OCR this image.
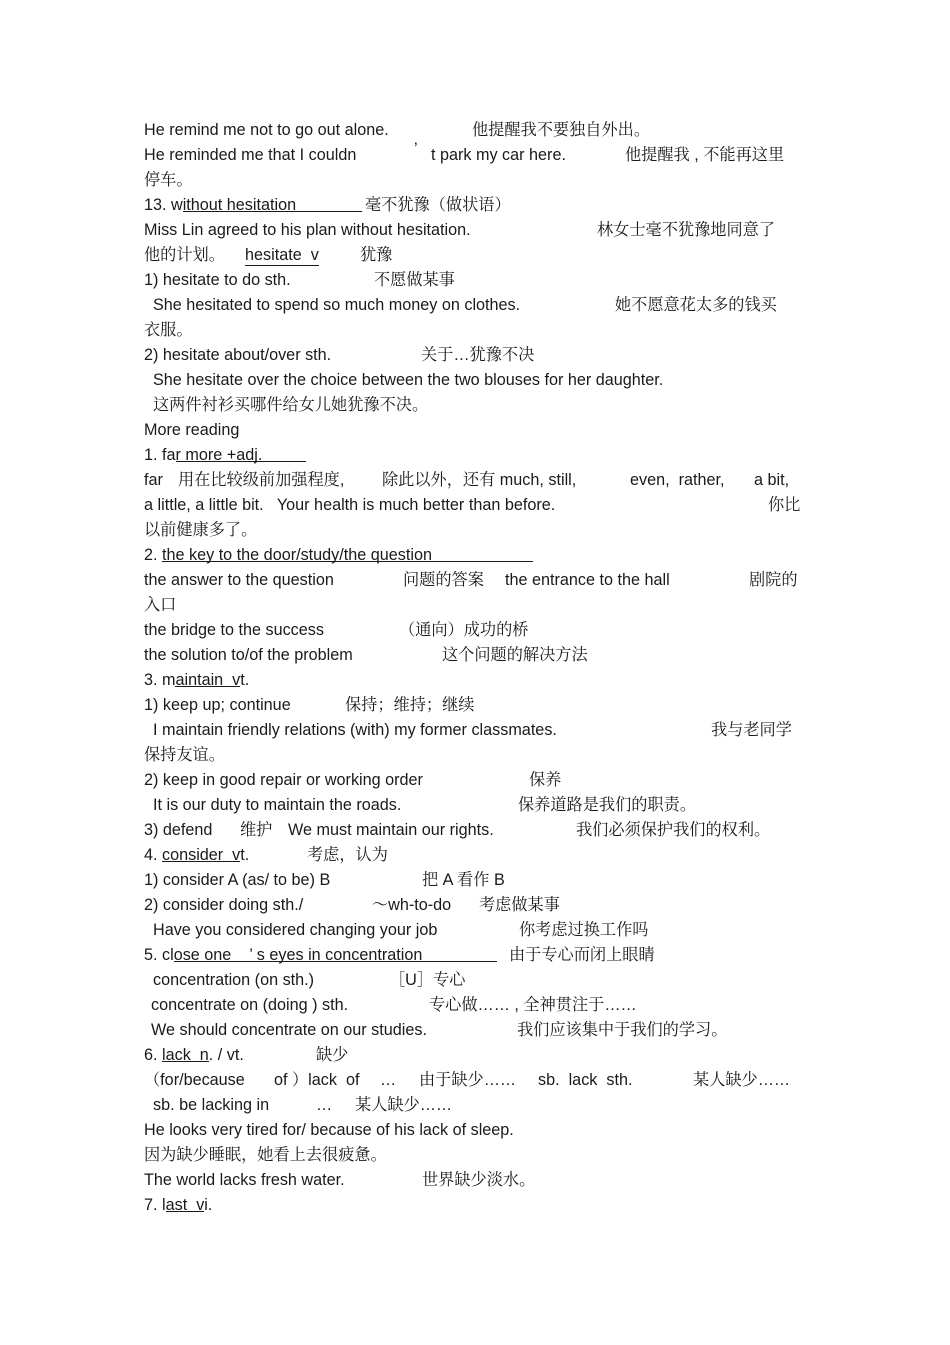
He remind me not to go out alone.	他提醒我不要独自外出。
He reminded me that I couldn	’ t park my car here.	他提醒我 , 不能再这里
停车。
13. without hesitation	毫不犹豫（做状语）
Miss Lin agreed to his plan without hesitation.	林女士毫不犹豫地同意了
他的计划。 hesitate  v	犹豫
1) hesitate to do sth.	不愿做某事
She hesitated to spend so much money on clothes.	她不愿意花太多的钱买
衣服。
2) hesitate about/over sth.	关于…犹豫不决
She hesitate over the choice between the two blouses for her daughter.
这两件衬衫买哪件给女儿她犹豫不决。
More reading
1. far more +adj.
far 用在比较级前加强程度, 除此以外，还有 much, still,	even,  rather, a bit,
a little, a little bit.   Your health is much better than before.	你比
以前健康多了。
2. the key to the door/study/the question
the answer to the question	问题的答案 the entrance to the hall	剧院的
入口
the bridge to the success	（通向）成功的桥
the solution to/of the problem	这个问题的解决方法
3. maintain  vt.
1) keep up; continue	保持；维持；继续
I maintain friendly relations (with) my former classmates.	我与老同学
保持友谊。
2) keep in good repair or working order	保养
It is our duty to maintain the roads.	保养道路是我们的职责。
3) defend 维护 We must maintain our rights.	我们必须保护我们的权利。
4. consider  vt.	考虑，认为
1) consider A (as/ to be) B	把 A 看作 B
2) consider doing sth./	～wh-to-do 考虑做某事
Have you considered changing your job	你考虑过换工作吗
5. close one    ’ s eyes in concentration	由于专心而闭上眼睛
concentration (on sth.)	［U］专心
concentrate on (doing ) sth.	专心做…… , 全神贯注于……
We should concentrate on our studies.	我们应该集中于我们的学习。
6. lack  n. / vt.	缺少
（for/because of ）lack  of … 由于缺少…… sb.  lack  sth.	某人缺少……
sb. be lacking in	… 某人缺少……
He looks very tired for/ because of his lack of sleep.
因为缺少睡眠，她看上去很疲惫。
The world lacks fresh water.	世界缺少淡水。
7. last  vi.
